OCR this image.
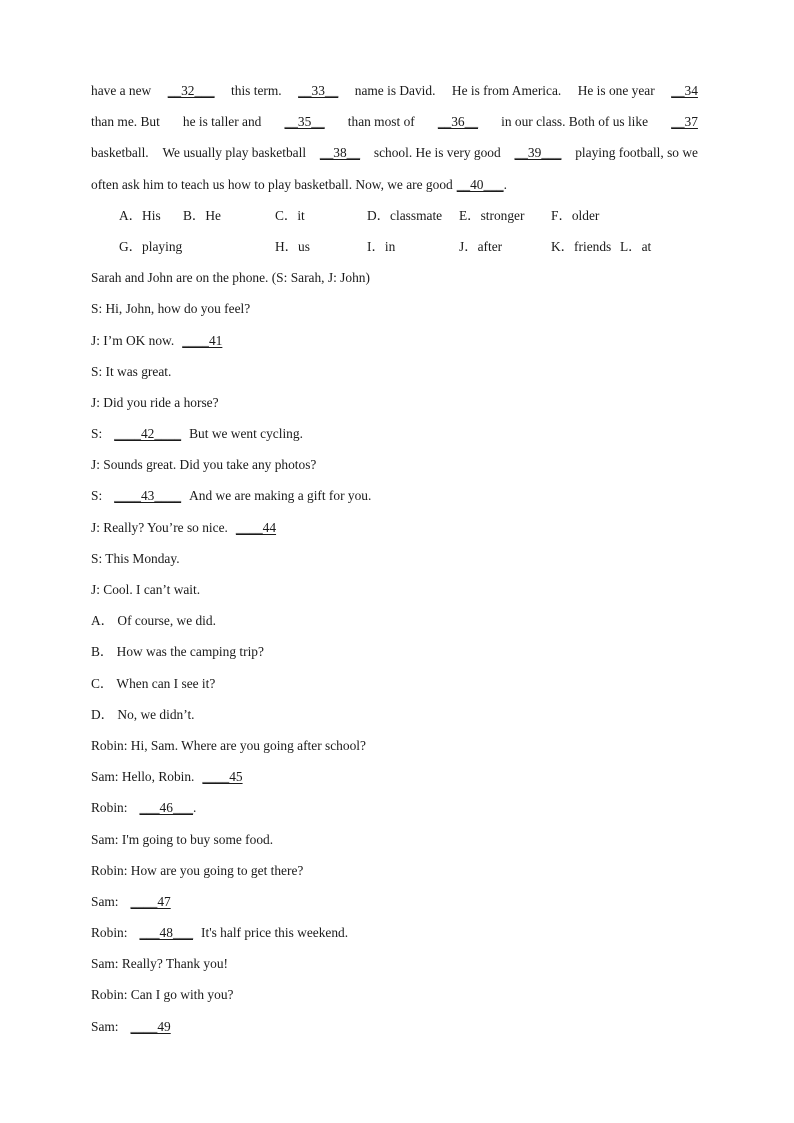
have a new __32___ this term. __33__ name is David. He is from America. He is one year __34
than me. But he is taller and __35__ than most of __36__ in our class. Both of us like __37
basketball. We usually play basketball __38__ school. He is very good __39___ playing football, so we
often ask him to teach us how to play basketball. Now, we are good __40___.
A．His B．He	C．it	D．classmate E．stronger F．older
G．playing	H．us	I．in	J．after	K．friends L．at
Sarah and John are on the phone. (S: Sarah, J: John)
S: Hi, John, how do you feel?
J: I’m OK now. ____41
S: It was great.
J: Did you ride a horse?
S: ____42____ But we went cycling.
J: Sounds great. Did you take any photos?
S: ____43____ And we are making a gift for you.
J: Really? You’re so nice. ____44
S: This Monday.
J: Cool. I can’t wait.
A． Of course, we did.
B． How was the camping trip?
C． When can I see it?
D． No, we didn’t.
Robin: Hi, Sam. Where are you going after school?
Sam: Hello, Robin. ____45
Robin: ___46___.
Sam: I'm going to buy some food.
Robin: How are you going to get there?
Sam: ____47
Robin: ___48___ It's half price this weekend.
Sam: Really? Thank you!
Robin: Can I go with you?
Sam: ____49
